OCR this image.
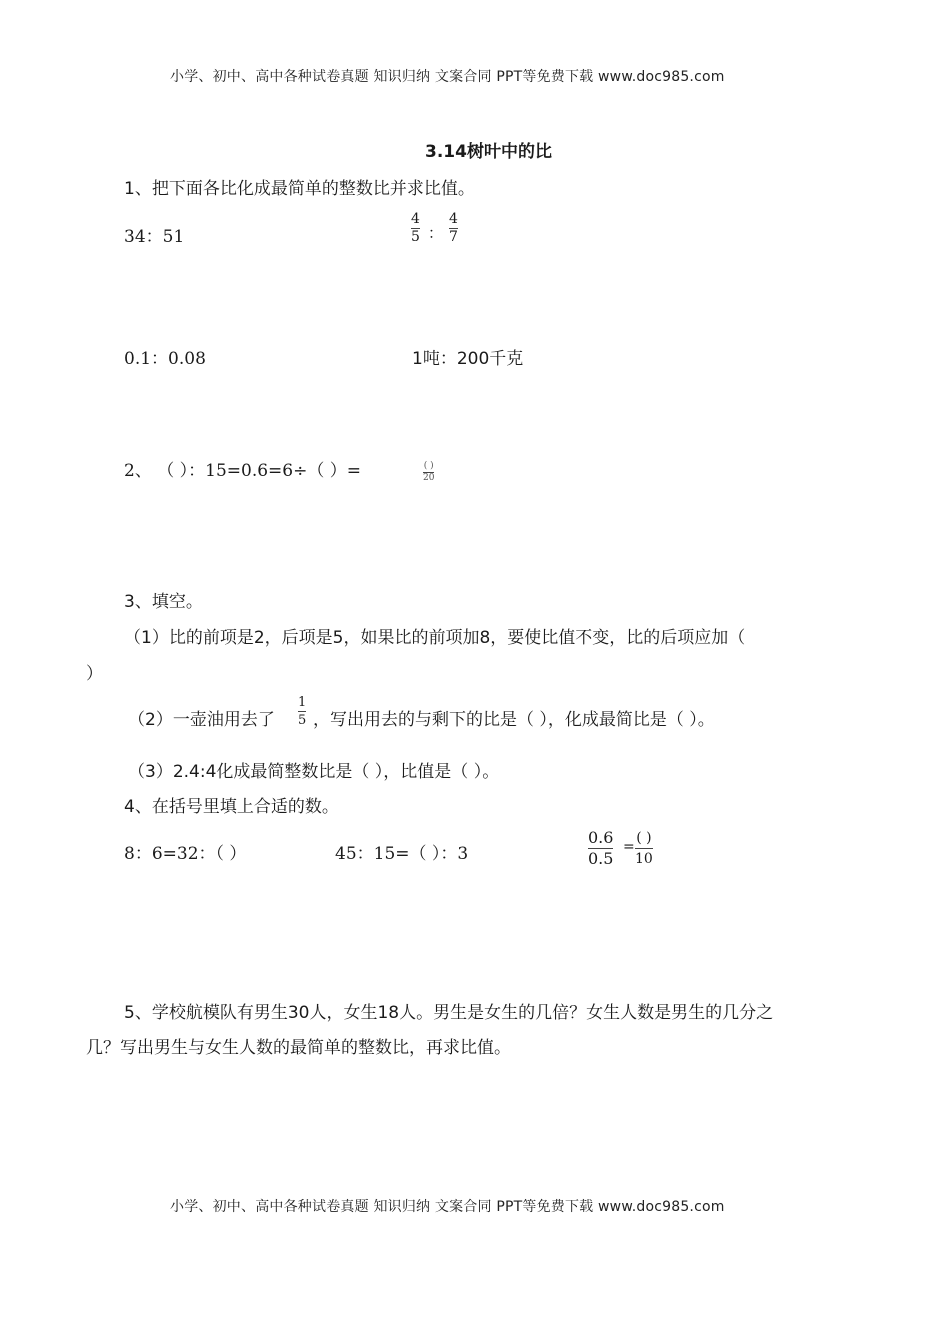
小学、初中、高中各种试卷真题 知识归纳 文案合同 PPT等免费下载 www.doc985.com
3.14树叶中的比
1、把下面各比化成最简单的整数比并求比值。
34：51
4
5 ：
4
7
0.1：0.08	1吨：200千克
2、 （ ）：15=0.6=6÷（ ）=	( )
20
3、填空。
（1）比的前项是2，后项是5，如果比的前项加8，要使比值不变，比的后项应加（
）
（2）一壶油用去了
1
5 ，写出用去的与剩下的比是（ ），化成最简比是（ ）。
（3）2.4:4化成最简整数比是（ ），比值是（ ）。
4、在括号里填上合适的数。
8：6=32：（ ）	45：15=（ ）：3
0.6
0.5
=
( )
10
5、学校航模队有男生30人，女生18人。男生是女生的几倍？女生人数是男生的几分之
几？写出男生与女生人数的最简单的整数比，再求比值。
小学、初中、高中各种试卷真题 知识归纳 文案合同 PPT等免费下载 www.doc985.com
